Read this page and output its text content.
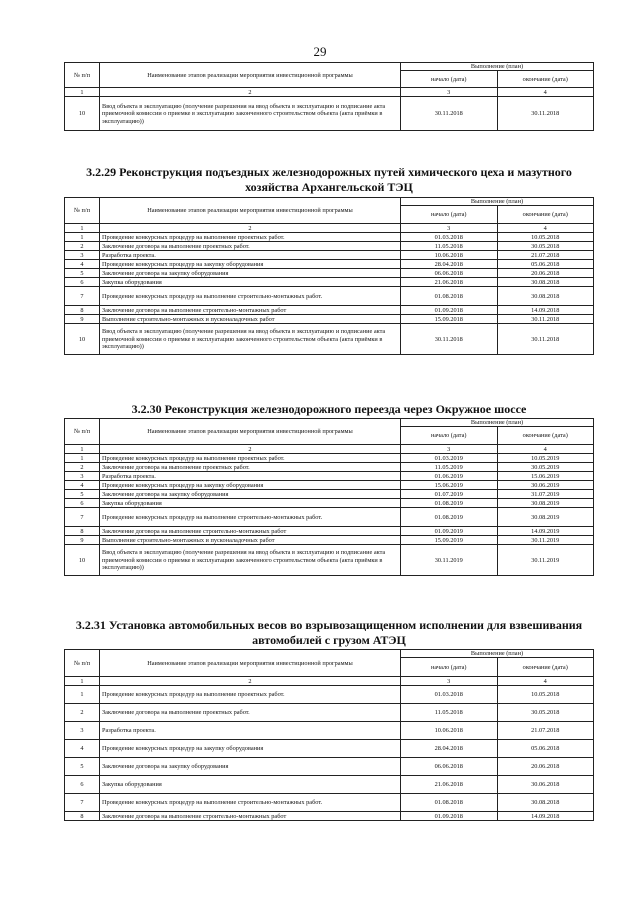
29
№ п/п	Наименование этапов реализации мероприятия инвестиционной программы	Выполнение (план)	
		начало (дата)	окончание (дата)
1	2	3	4
10	Ввод объекта в эксплуатацию (получение разрешения на ввод объекта в эксплуатацию и подписание акта приемочной комиссии о приемке в эксплуатацию законченного строительством объекта (акта приёмки в эксплуатацию))	30.11.2018	30.11.2018
3.2.29 Реконструкция подъездных железнодорожных путей химического цеха и мазутного хозяйства Архангельской ТЭЦ
№ п/п	Наименование этапов реализации мероприятия инвестиционной программы	Выполнение (план)	
		начало (дата)	окончание (дата)
1	2	3	4
1	Проведение конкурсных процедур на выполнение проектных работ.	01.03.2018	10.05.2018
2	Заключение договора на выполнение проектных работ.	11.05.2018	30.05.2018
3	Разработка проекта.	10.06.2018	21.07.2018
4	Проведение конкурсных процедур на закупку оборудования	28.04.2018	05.06.2018
5	Заключение договора на закупку оборудования	06.06.2018	20.06.2018
6	Закупка оборудования	21.06.2018	30.08.2018
7	Проведение конкурсных процедур на выполнение строительно-монтажных работ.	01.08.2018	30.08.2018
8	Заключение договора на выполнение строительно-монтажных работ	01.09.2018	14.09.2018
9	Выполнение строительно-монтажных и пусконаладочных работ	15.09.2018	30.11.2018
10	Ввод объекта в эксплуатацию (получение разрешения на ввод объекта в эксплуатацию и подписание акта приемочной комиссии о приемке в эксплуатацию законченного строительством объекта (акта приёмки в эксплуатацию))	30.11.2018	30.11.2018
3.2.30 Реконструкция железнодорожного переезда через Окружное шоссе
№ п/п	Наименование этапов реализации мероприятия инвестиционной программы	Выполнение (план)	
		начало (дата)	окончание (дата)
1	2	3	4
1	Проведение конкурсных процедур на выполнение проектных работ.	01.03.2019	10.05.2019
2	Заключение договора на выполнение проектных работ.	11.05.2019	30.05.2019
3	Разработка проекта.	01.06.2019	15.06.2019
4	Проведение конкурсных процедур на закупку оборудования	15.06.2019	30.06.2019
5	Заключение договора на закупку оборудования	01.07.2019	31.07.2019
6	Закупка оборудования	01.08.2019	30.08.2019
7	Проведение конкурсных процедур на выполнение строительно-монтажных работ.	01.08.2019	30.08.2019
8	Заключение договора на выполнение строительно-монтажных работ	01.09.2019	14.09.2019
9	Выполнение строительно-монтажных и пусконаладочных работ	15.09.2019	30.11.2019
10	Ввод объекта в эксплуатацию (получение разрешения на ввод объекта в эксплуатацию и подписание акта приемочной комиссии о приемке в эксплуатацию законченного строительством объекта (акта приёмки в эксплуатацию))	30.11.2019	30.11.2019
3.2.31 Установка автомобильных весов во взрывозащищенном исполнении для взвешивания автомобилей с грузом АТЭЦ
№ п/п	Наименование этапов реализации мероприятия инвестиционной программы	Выполнение (план)	
		начало (дата)	окончание (дата)
1	2	3	4
1	Проведение конкурсных процедур на выполнение проектных работ.	01.03.2018	10.05.2018
2	Заключение договора на выполнение проектных работ.	11.05.2018	30.05.2018
3	Разработка проекта.	10.06.2018	21.07.2018
4	Проведение конкурсных процедур на закупку оборудования	28.04.2018	05.06.2018
5	Заключение договора на закупку оборудования	06.06.2018	20.06.2018
6	Закупка оборудования	21.06.2018	30.06.2018
7	Проведение конкурсных процедур на выполнение строительно-монтажных работ.	01.08.2018	30.08.2018
8	Заключение договора на выполнение строительно-монтажных работ	01.09.2018	14.09.2018
